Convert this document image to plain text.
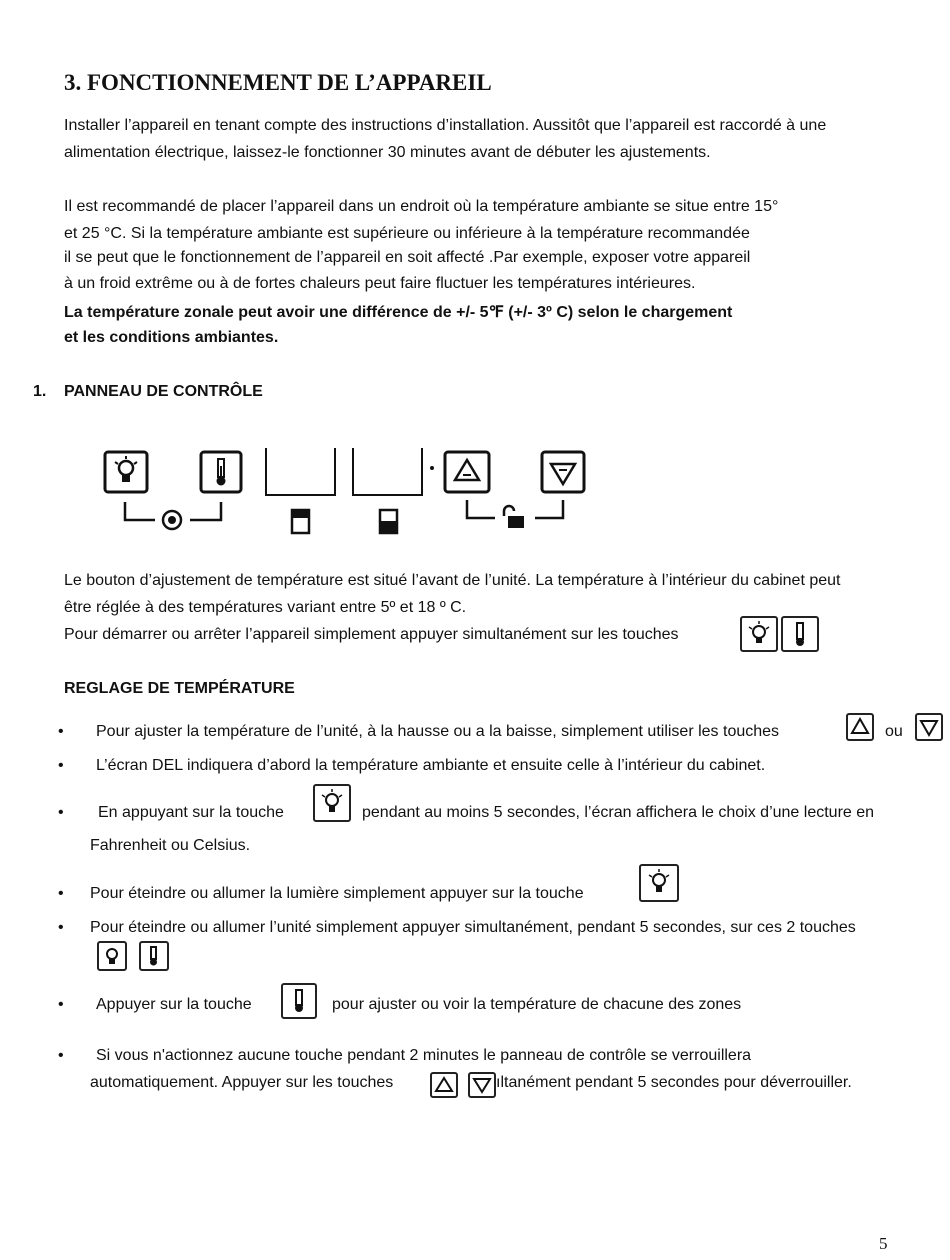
3. FONCTIONNEMENT DE L’APPAREIL
Installer l’appareil en tenant compte des instructions d’installation. Aussitôt que l’appareil est raccordé à une
alimentation électrique, laissez-le fonctionner 30 minutes avant de débuter les ajustements.
Il est recommandé de placer l’appareil dans un endroit où la température ambiante se situe entre 15°
et 25 °C. Si la température ambiante est supérieure ou inférieure à la température recommandée
il se peut que le fonctionnement de l’appareil en soit affecté .Par exemple, exposer votre appareil
à un froid extrême ou à de fortes chaleurs peut faire fluctuer les températures intérieures.
La température zonale peut avoir une différence de +/- 5℉ (+/- 3º C) selon le chargement
et les conditions ambiantes.
1. PANNEAU DE CONTRÔLE
Le bouton d’ajustement de température est situé l’avant de l’unité. La température à l’intérieur du cabinet peut
être réglée à des températures variant entre 5º et 18 º C.
Pour démarrer ou arrêter l’appareil simplement appuyer simultanément sur les touches
REGLAGE DE TEMPÉRATURE
• Pour ajuster la température de l’unité, à la hausse ou a la baisse, simplement utiliser les touches	ou
• L’écran DEL indiquera d’abord la température ambiante et ensuite celle à l’intérieur du cabinet.
• En appuyant sur la touche	pendant au moins 5 secondes, l’écran affichera le choix d’une lecture en
Fahrenheit ou Celsius.
• Pour éteindre ou allumer la lumière simplement appuyer sur la touche
• Pour éteindre ou allumer l’unité simplement appuyer simultanément, pendant 5 secondes, sur ces 2 touches
• Appuyer sur la touche	pour ajuster ou voir la température de chacune des zones
• Si vous n'actionnez aucune touche pendant 2 minutes le panneau de contrôle se verrouillera
automatiquement. Appuyer sur les touches	ıltanément pendant 5 secondes pour déverrouiller.
5
